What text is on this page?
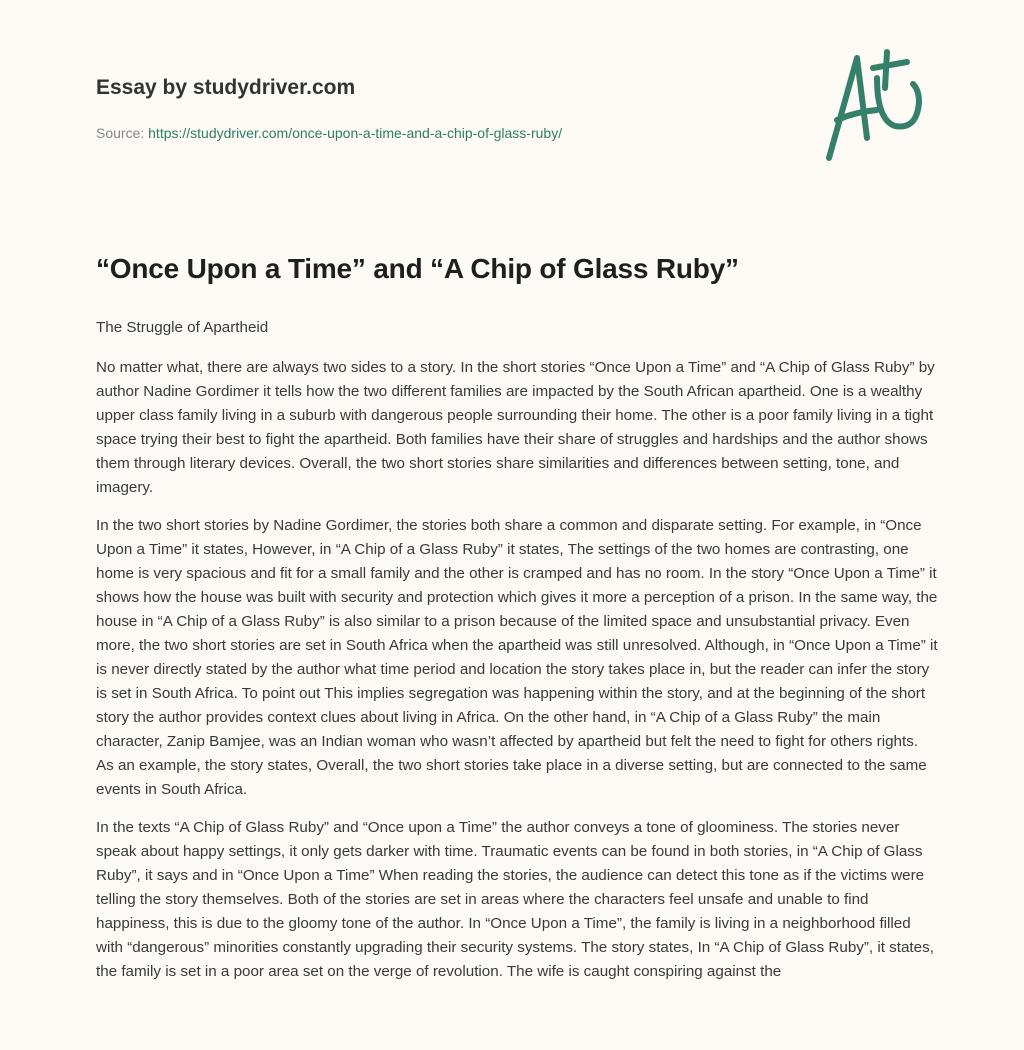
Essay by studydriver.com
Source: https://studydriver.com/once-upon-a-time-and-a-chip-of-glass-ruby/
“Once Upon a Time” and “A Chip of Glass Ruby”

The Struggle of Apartheid

No matter what, there are always two sides to a story. In the short stories “Once Upon a Time” and “A Chip of Glass Ruby” by author Nadine Gordimer it tells how the two different families are impacted by the South African apartheid. One is a wealthy upper class family living in a suburb with dangerous people surrounding their home. The other is a poor family living in a tight space trying their best to fight the apartheid. Both families have their share of struggles and hardships and the author shows them through literary devices. Overall, the two short stories share similarities and differences between setting, tone, and imagery.

In the two short stories by Nadine Gordimer, the stories both share a common and disparate setting. For example, in “Once Upon a Time” it states, However, in “A Chip of a Glass Ruby” it states, The settings of the two homes are contrasting, one home is very spacious and fit for a small family and the other is cramped and has no room. In the story “Once Upon a Time” it shows how the house was built with security and protection which gives it more a perception of a prison. In the same way, the house in “A Chip of a Glass Ruby” is also similar to a prison because of the limited space and unsubstantial privacy. Even more, the two short stories are set in South Africa when the apartheid was still unresolved. Although, in “Once Upon a Time” it is never directly stated by the author what time period and location the story takes place in, but the reader can infer the story is set in South Africa. To point out This implies segregation was happening within the story, and at the beginning of the short story the author provides context clues about living in Africa. On the other hand, in “A Chip of a Glass Ruby” the main character, Zanip Bamjee, was an Indian woman who wasn’t affected by apartheid but felt the need to fight for others rights. As an example, the story states, Overall, the two short stories take place in a diverse setting, but are connected to the same events in South Africa.

In the texts “A Chip of Glass Ruby” and “Once upon a Time” the author conveys a tone of gloominess. The stories never speak about happy settings, it only gets darker with time. Traumatic events can be found in both stories, in “A Chip of Glass Ruby”, it says and in “Once Upon a Time” When reading the stories, the audience can detect this tone as if the victims were telling the story themselves. Both of the stories are set in areas where the characters feel unsafe and unable to find happiness, this is due to the gloomy tone of the author. In “Once Upon a Time”, the family is living in a neighborhood filled with “dangerous” minorities constantly upgrading their security systems. The story states, In “A Chip of Glass Ruby”, it states, the family is set in a poor area set on the verge of revolution. The wife is caught conspiring against the
